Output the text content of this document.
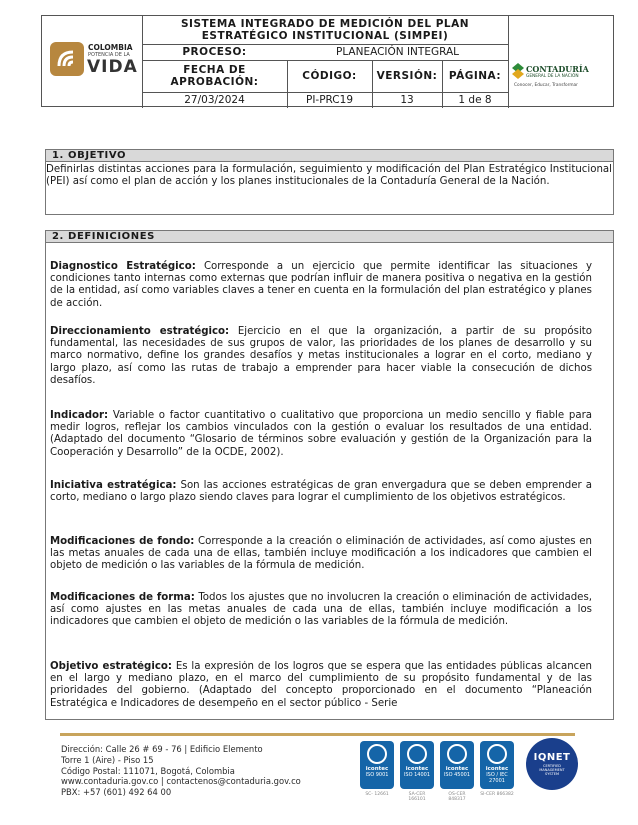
COLOMBIA
POTENCIA DE LA
VIDA
SISTEMA INTEGRADO DE MEDICIÓN DEL PLAN ESTRATÉGICO INSTITUCIONAL (SIMPEI)
PROCESO:	PLANEACIÓN INTEGRAL
FECHA DE APROBACIÓN:	CÓDIGO:	VERSIÓN:	PÁGINA:
27/03/2024	PI-PRC19	13	1 de 8
CONTADURÍA
GENERAL DE LA NACIÓN
Conocer, Educar, Transformar
1. OBJETIVO
Definirlas distintas acciones para la formulación, seguimiento y modificación del Plan Estratégico Institucional (PEI) así como el plan de acción y los planes institucionales de la Contaduría General de la Nación.
2. DEFINICIONES
Diagnostico Estratégico: Corresponde a un ejercicio que permite identificar las situaciones y condiciones tanto internas como externas que podrían influir de manera positiva o negativa en la gestión de la entidad, así como variables claves a tener en cuenta en la formulación del plan estratégico y planes de acción.
Direccionamiento estratégico: Ejercicio en el que la organización, a partir de su propósito fundamental, las necesidades de sus grupos de valor, las prioridades de los planes de desarrollo y su marco normativo, define los grandes desafíos y metas institucionales a lograr en el corto, mediano y largo plazo, así como las rutas de trabajo a emprender para hacer viable la consecución de dichos desafíos.
Indicador: Variable o factor cuantitativo o cualitativo que proporciona un medio sencillo y fiable para medir logros, reflejar los cambios vinculados con la gestión o evaluar los resultados de una entidad. (Adaptado del documento “Glosario de términos sobre evaluación y gestión de la Organización para la Cooperación y Desarrollo” de la OCDE, 2002).
Iniciativa estratégica: Son las acciones estratégicas de gran envergadura que se deben emprender a corto, mediano o largo plazo siendo claves para lograr el cumplimiento de los objetivos estratégicos.
Modificaciones de fondo: Corresponde a la creación o eliminación de actividades, así como ajustes en las metas anuales de cada una de ellas, también incluye modificación a los indicadores que cambien el objeto de medición o las variables de la fórmula de medición.
Modificaciones de forma: Todos los ajustes que no involucren la creación o eliminación de actividades, así como ajustes en las metas anuales de cada una de ellas, también incluye modificación a los indicadores que cambien el objeto de medición o las variables de la fórmula de medición.
Objetivo estratégico: Es la expresión de los logros que se espera que las entidades públicas alcancen en el largo y mediano plazo, en el marco del cumplimiento de su propósito fundamental y de las prioridades del gobierno. (Adaptado del concepto proporcionado en el documento “Planeación Estratégica e Indicadores de desempeño en el sector público - Serie
Dirección: Calle 26 # 69 - 76 | Edificio Elemento
Torre 1 (Aire) - Piso 15
Código Postal: 111071, Bogotá, Colombia
www.contaduria.gov.co | contactenos@contaduria.gov.co
PBX: +57 (601) 492 64 00
icontec
ISO 9001
SC- 12661
icontec
ISO 14001
SA-CER 166101
icontec
ISO 45001
OS-CER 848317
icontec
ISO / IEC 27001
SI-CER 866382
IQNET
CERTIFIED MANAGEMENT SYSTEM
